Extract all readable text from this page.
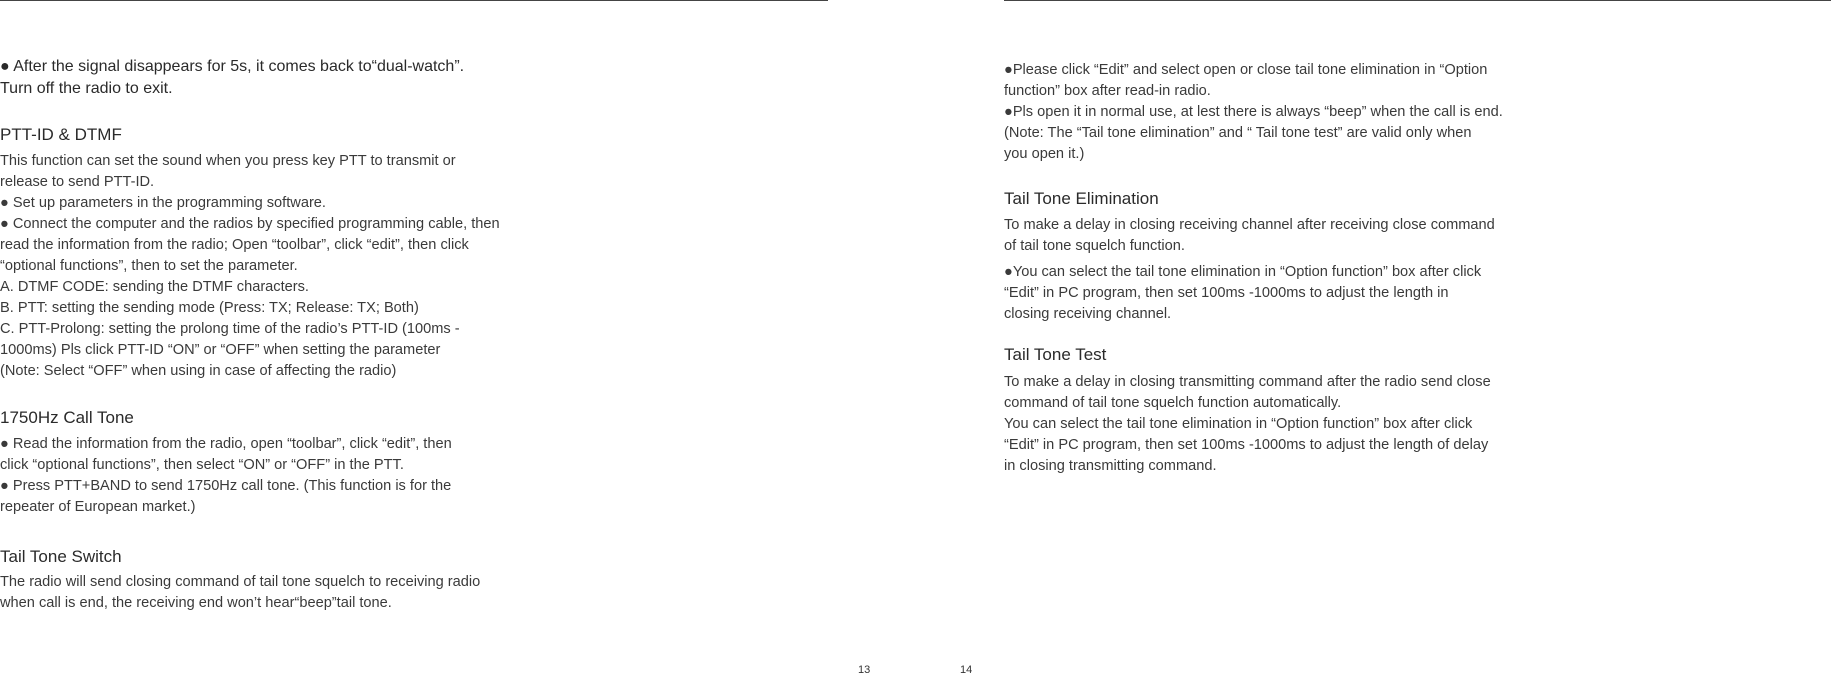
● After the signal disappears for 5s, it comes back to“dual-watch”.

Turn off the radio to exit.

PTT-ID & DTMF

This function can set the sound when you press key PTT to transmit or

release to send PTT-ID.

● Set up parameters in the programming software.

● Connect the computer and the radios by specified programming cable, then

read the information from the radio; Open “toolbar”, click “edit”, then click

“optional functions”, then to set the parameter.

A. DTMF CODE: sending the DTMF characters.

B. PTT: setting the sending mode (Press: TX; Release: TX; Both)

C. PTT-Prolong: setting the prolong time of the radio’s PTT-ID (100ms -

1000ms) Pls click PTT-ID “ON” or “OFF” when setting the parameter

(Note: Select “OFF” when using in case of affecting the radio)

1750Hz Call Tone

● Read the information from the radio, open “toolbar”, click “edit”, then

click “optional functions”, then select “ON” or “OFF” in the PTT.

● Press PTT+BAND to send 1750Hz call tone. (This function is for the

repeater of European market.)

Tail Tone Switch

The radio will send closing command of tail tone squelch to receiving radio

when call is end, the receiving end won’t hear“beep”tail tone.

13

●Please click “Edit” and select open or close tail tone elimination in “Option

function” box after read-in radio.

●Pls open it in normal use, at lest there is always “beep” when the call is end.

(Note: The “Tail tone elimination” and “ Tail tone test” are valid only when

you open it.)

Tail Tone Elimination

To make a delay in closing receiving channel after receiving close command

of tail tone squelch function.

●You can select the tail tone elimination in “Option function” box after click

“Edit” in PC program, then set 100ms -1000ms to adjust the length in

closing receiving channel.

Tail Tone Test

To make a delay in closing transmitting command after the radio send close

command of tail tone squelch function automatically.

You can select the tail tone elimination in “Option function” box after click

“Edit” in PC program, then set 100ms -1000ms to adjust the length of delay

in closing transmitting command.

14
